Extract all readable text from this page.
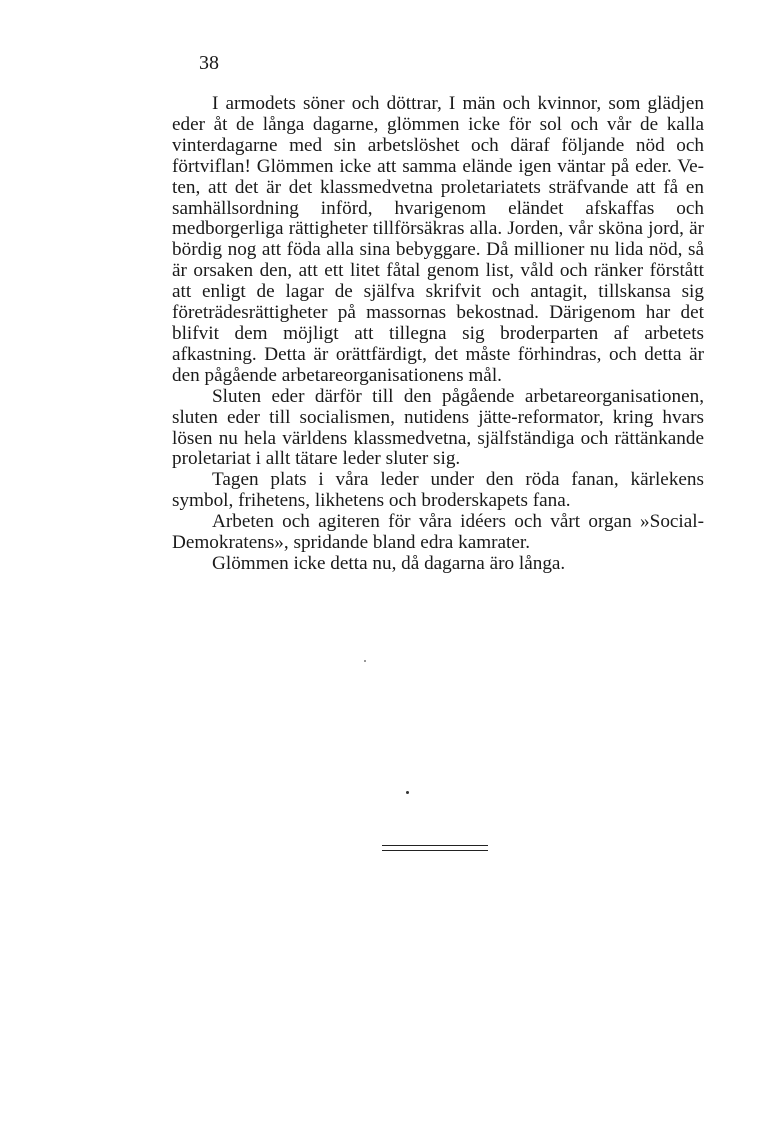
38

I armodets söner och döttrar, I män och kvinnor, som glädjen eder åt de långa dagarne, glömmen icke för sol och vår de kalla vinterdagarne med sin arbetslöshet och däraf följande nöd och förtviflan! Glömmen icke att samma elände igen väntar på eder. Veten, att det är det klassmedvetna proletariatets sträfvande att få en samhällsordning införd, hvarigenom eländet afskaffas och medborgerliga rättigheter tillförsäkras alla. Jorden, vår sköna jord, är bördig nog att föda alla sina bebyggare. Då millioner nu lida nöd, så är orsaken den, att ett litet fåtal genom list, våld och ränker förstått att enligt de lagar de själfva skrifvit och antagit, tillskansa sig företrädesrättigheter på massornas bekostnad. Därigenom har det blifvit dem möjligt att tillegna sig broderparten af arbetets afkastning. Detta är orättfärdigt, det måste förhindras, och detta är den pågående arbetareorganisationens mål.

Sluten eder därför till den pågående arbetareorganisationen, sluten eder till socialismen, nutidens jätte-reformator, kring hvars lösen nu hela världens klassmedvetna, själfständiga och rättänkande proletariat i allt tätare leder sluter sig.

Tagen plats i våra leder under den röda fanan, kärlekens symbol, frihetens, likhetens och broderskapets fana.

Arbeten och agiteren för våra idéers och vårt organ »Social-Demokratens», spridande bland edra kamrater.

Glömmen icke detta nu, då dagarna äro långa.
